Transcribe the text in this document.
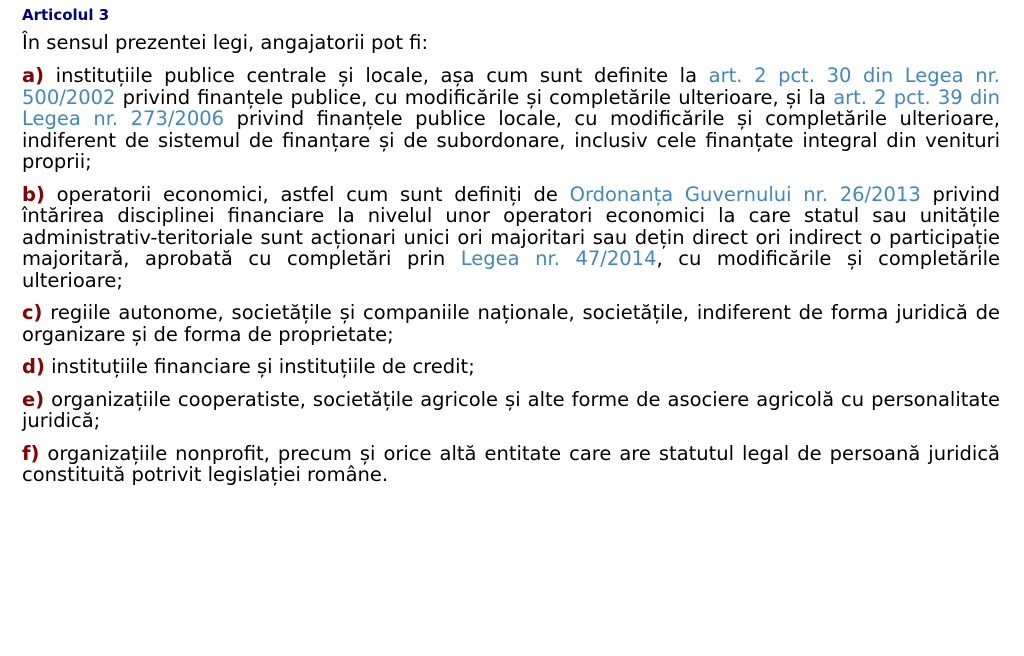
Articolul 3
În sensul prezentei legi, angajatorii pot fi:
a) instituțiile publice centrale și locale, așa cum sunt definite la art. 2 pct. 30 din Legea nr. 500/2002 privind finanțele publice, cu modificările și completările ulterioare, și la art. 2 pct. 39 din Legea nr. 273/2006 privind finanțele publice locale, cu modificările și completările ulterioare, indiferent de sistemul de finanțare și de subordonare, inclusiv cele finanțate integral din venituri proprii;
b) operatorii economici, astfel cum sunt definiți de Ordonanța Guvernului nr. 26/2013 privind întărirea disciplinei financiare la nivelul unor operatori economici la care statul sau unitățile administrativ-teritoriale sunt acționari unici ori majoritari sau dețin direct ori indirect o participație majoritară, aprobată cu completări prin Legea nr. 47/2014, cu modificările și completările ulterioare;
c) regiile autonome, societățile și companiile naționale, societățile, indiferent de forma juridică de organizare și de forma de proprietate;
d) instituțiile financiare și instituțiile de credit;
e) organizațiile cooperatiste, societățile agricole și alte forme de asociere agricolă cu personalitate juridică;
f) organizațiile nonprofit, precum și orice altă entitate care are statutul legal de persoană juridică constituită potrivit legislației române.
